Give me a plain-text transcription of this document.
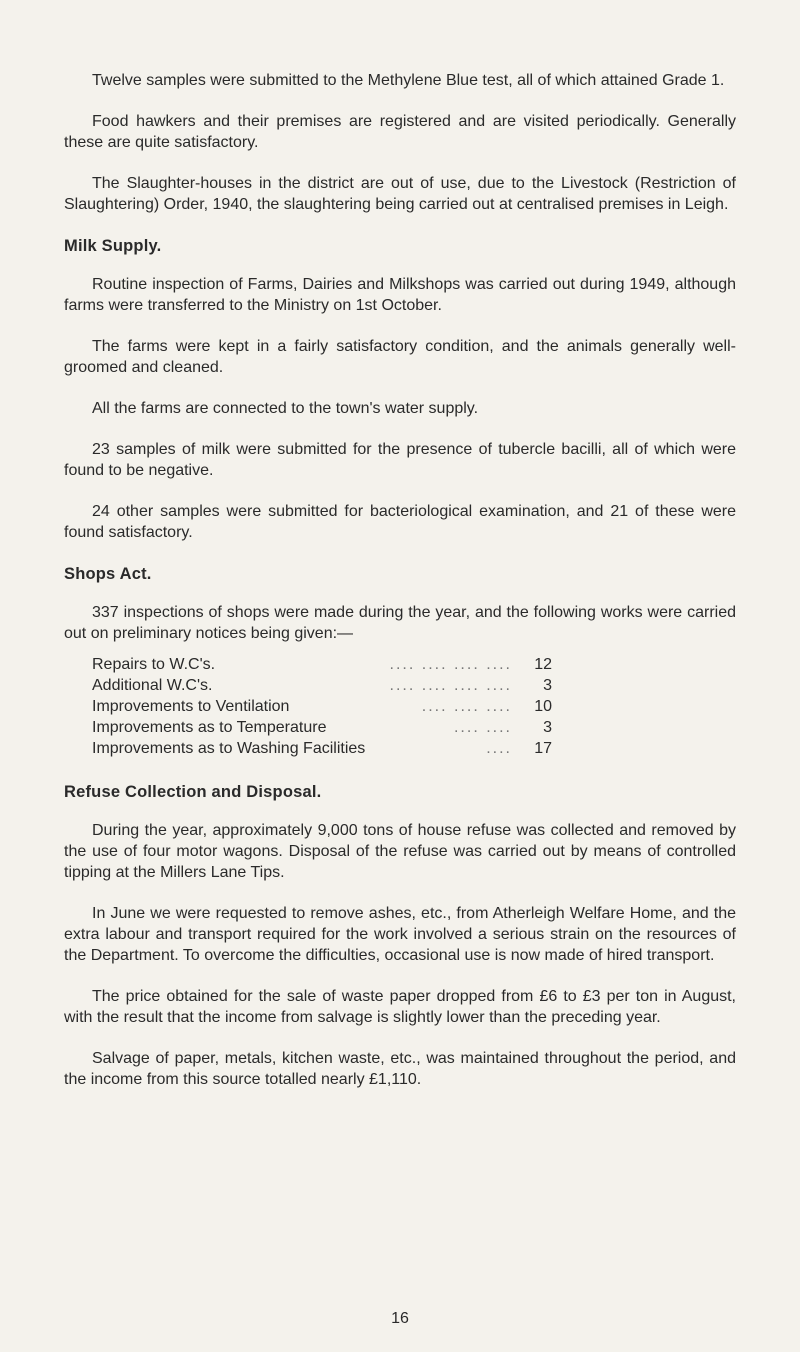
Twelve samples were submitted to the Methylene Blue test, all of which attained Grade 1.

Food hawkers and their premises are registered and are visited periodically. Generally these are quite satisfactory.

The Slaughter-houses in the district are out of use, due to the Livestock (Restriction of Slaughtering) Order, 1940, the slaughtering being carried out at centralised premises in Leigh.

Milk Supply.

Routine inspection of Farms, Dairies and Milkshops was carried out during 1949, although farms were transferred to the Ministry on 1st October.

The farms were kept in a fairly satisfactory condition, and the animals generally well-groomed and cleaned.

All the farms are connected to the town's water supply.

23 samples of milk were submitted for the presence of tubercle bacilli, all of which were found to be negative.

24 other samples were submitted for bacteriological examination, and 21 of these were found satisfactory.

Shops Act.

337 inspections of shops were made during the year, and the following works were carried out on preliminary notices being given:—

Repairs to W.C's.	.... .... .... ....	12
Additional W.C's.	.... .... .... ....	3
Improvements to Ventilation	.... .... ....	10
Improvements as to Temperature	.... ....	3
Improvements as to Washing Facilities	....	17
Refuse Collection and Disposal.

During the year, approximately 9,000 tons of house refuse was collected and removed by the use of four motor wagons. Disposal of the refuse was carried out by means of controlled tipping at the Millers Lane Tips.

In June we were requested to remove ashes, etc., from Atherleigh Welfare Home, and the extra labour and transport required for the work involved a serious strain on the resources of the Department. To overcome the difficulties, occasional use is now made of hired transport.

The price obtained for the sale of waste paper dropped from £6 to £3 per ton in August, with the result that the income from salvage is slightly lower than the preceding year.

Salvage of paper, metals, kitchen waste, etc., was maintained throughout the period, and the income from this source totalled nearly £1,110.

16
